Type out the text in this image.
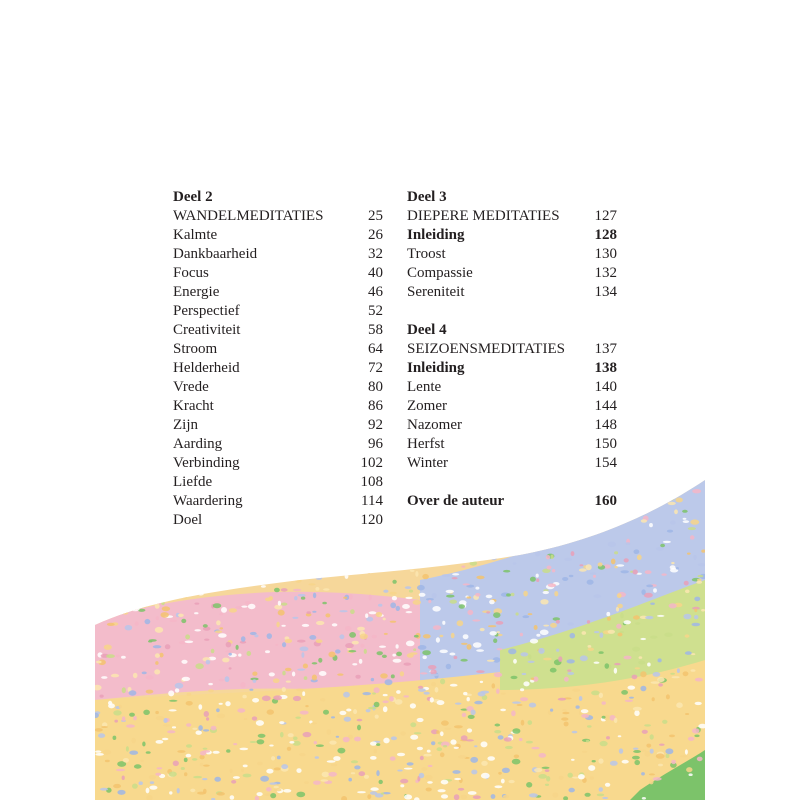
Deel 2
WANDELMEDITATIES	25
Kalmte	26
Dankbaarheid	32
Focus	40
Energie	46
Perspectief	52
Creativiteit	58
Stroom	64
Helderheid	72
Vrede	80
Kracht	86
Zijn	92
Aarding	96
Verbinding	102
Liefde	108
Waardering	114
Doel	120
Deel 3
DIEPERE MEDITATIES 127
Inleiding	128
Troost	130
Compassie	132
Sereniteit	134
Deel 4
SEIZOENSMEDITATIES 137
Inleiding	138
Lente	140
Zomer	144
Nazomer	148
Herfst	150
Winter	154
Over de auteur	160
